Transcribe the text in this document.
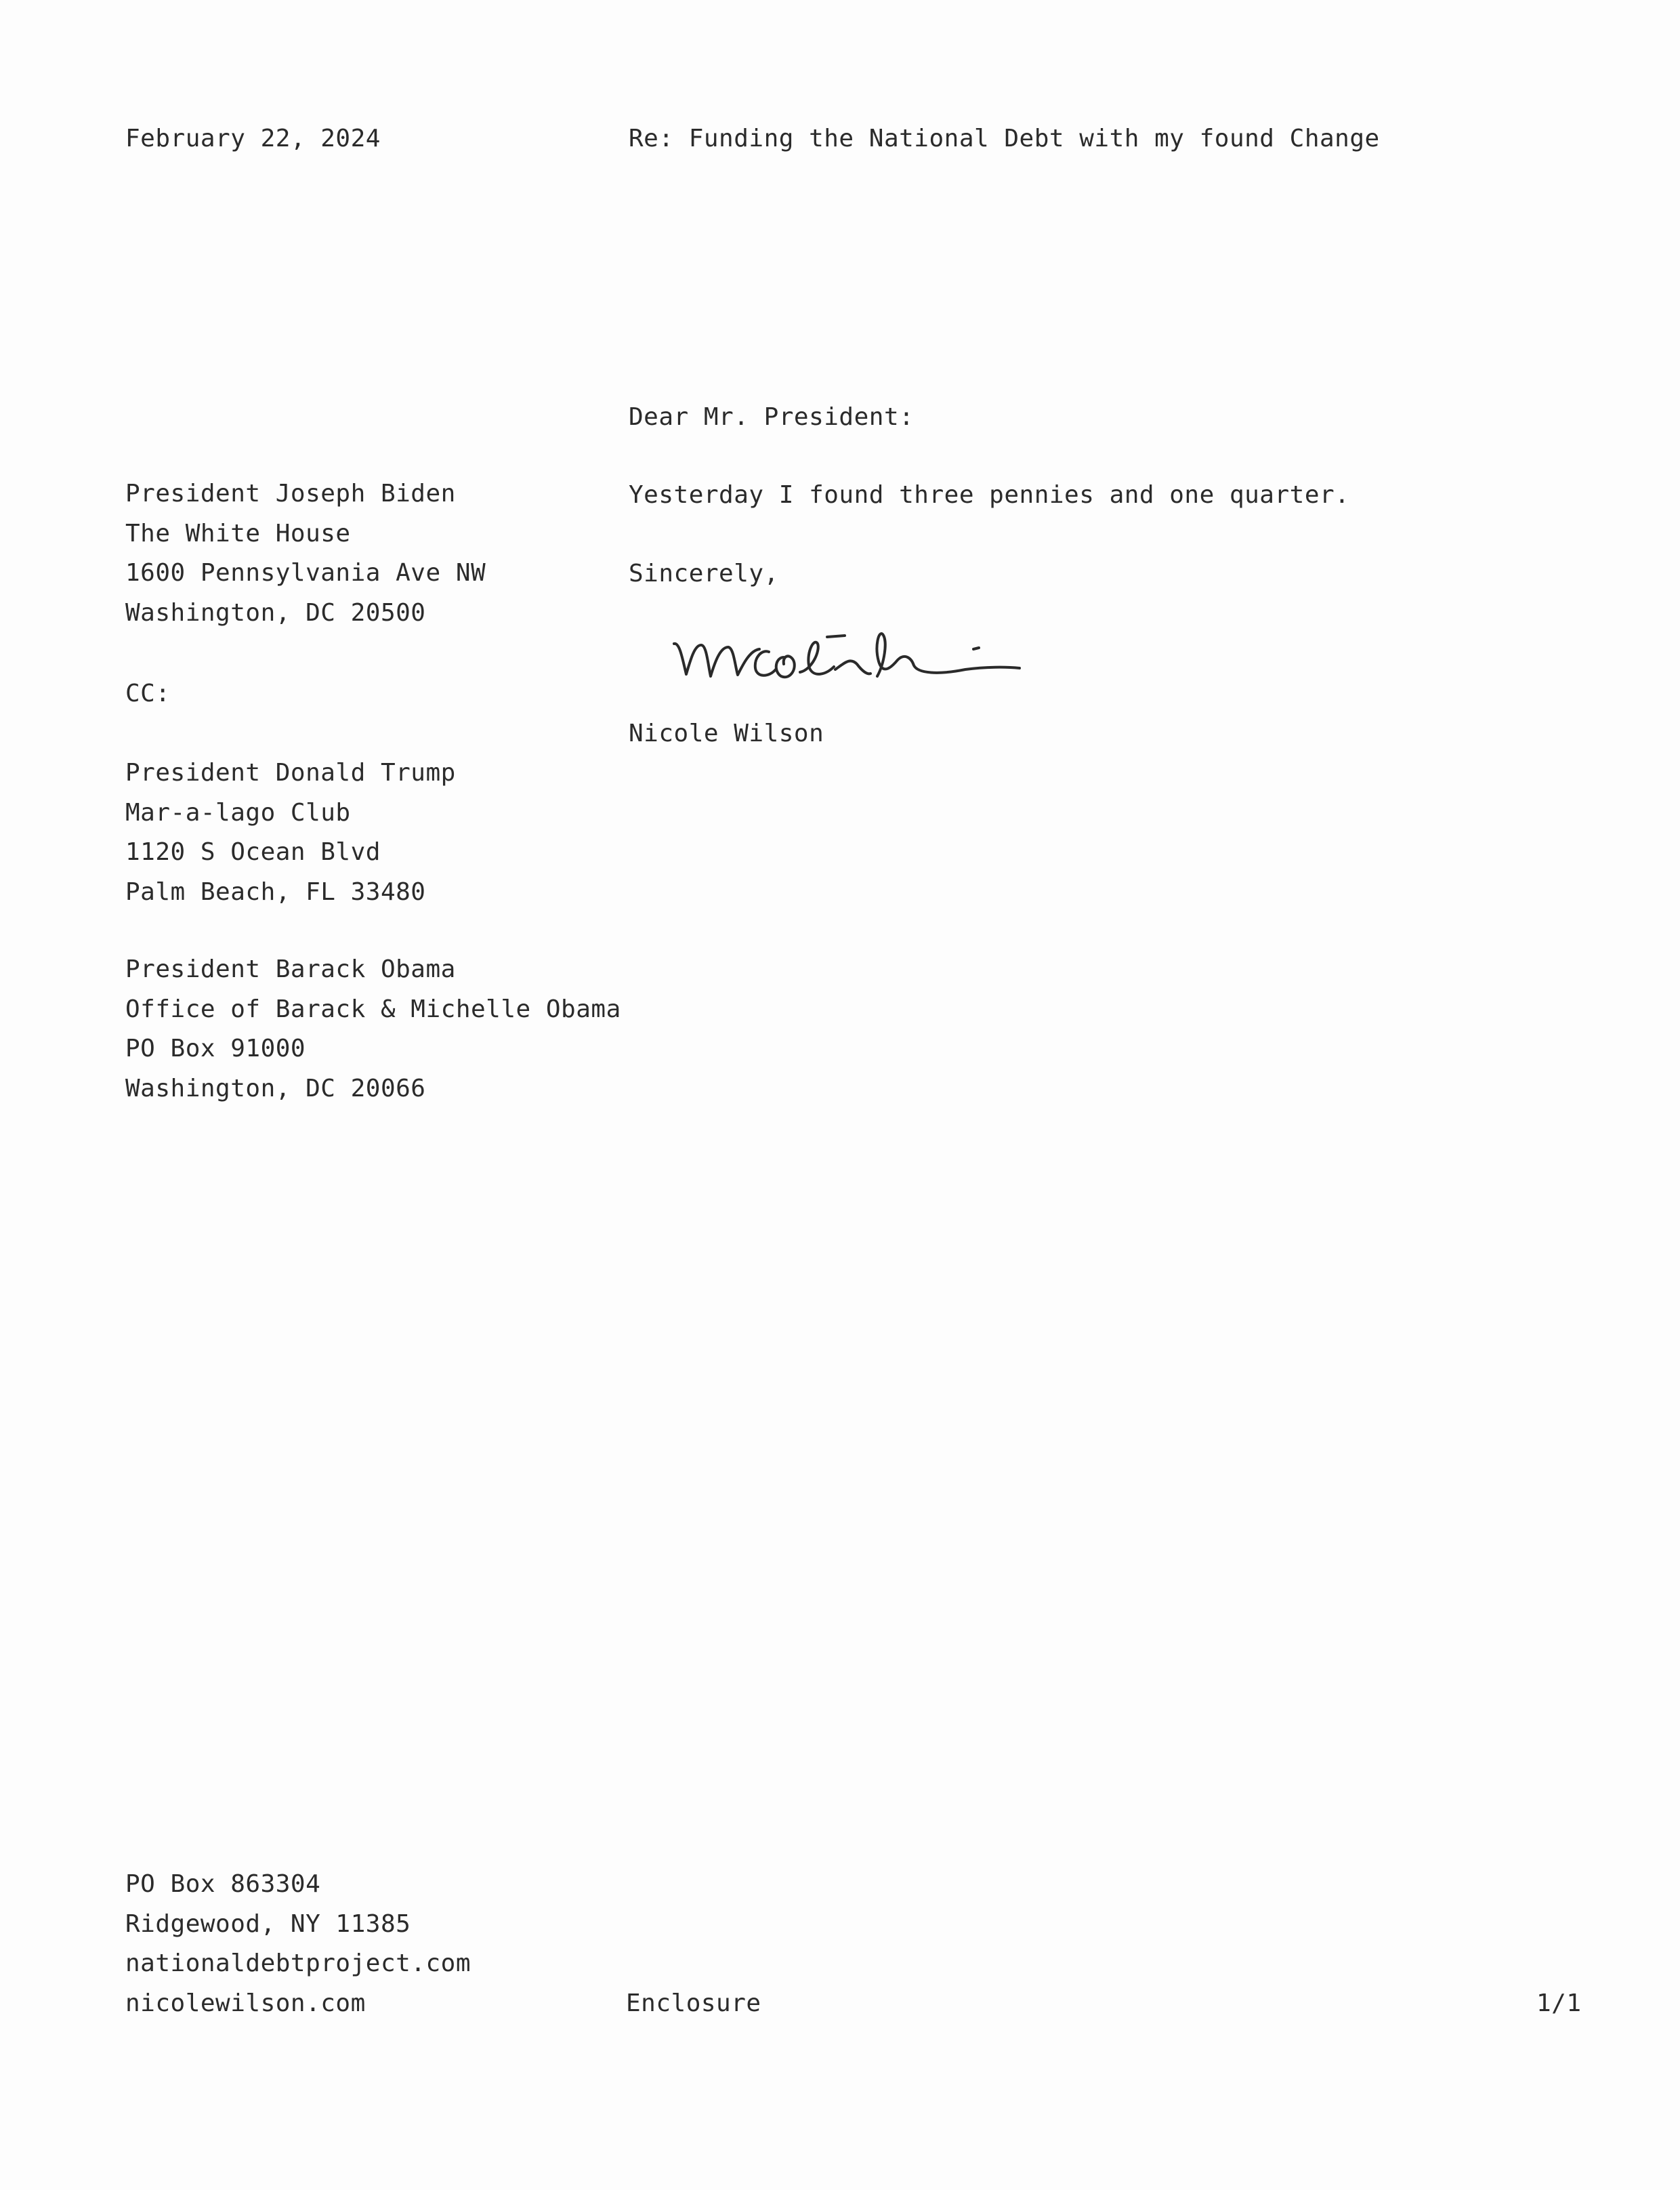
February 22, 2024	Re: Funding the National Debt with my found Change
President Joseph Biden
The White House
1600 Pennsylvania Ave NW
Washington, DC 20500
CC:
President Donald Trump
Mar-a-lago Club
1120 S Ocean Blvd
Palm Beach, FL 33480
President Barack Obama
Office of Barack & Michelle Obama
PO Box 91000
Washington, DC 20066
Dear Mr. President:
Yesterday I found three pennies and one quarter.
Sincerely,
Nicole Wilson
PO Box 863304
Ridgewood, NY 11385
nationaldebtproject.com
nicolewilson.com	Enclosure	1/1
